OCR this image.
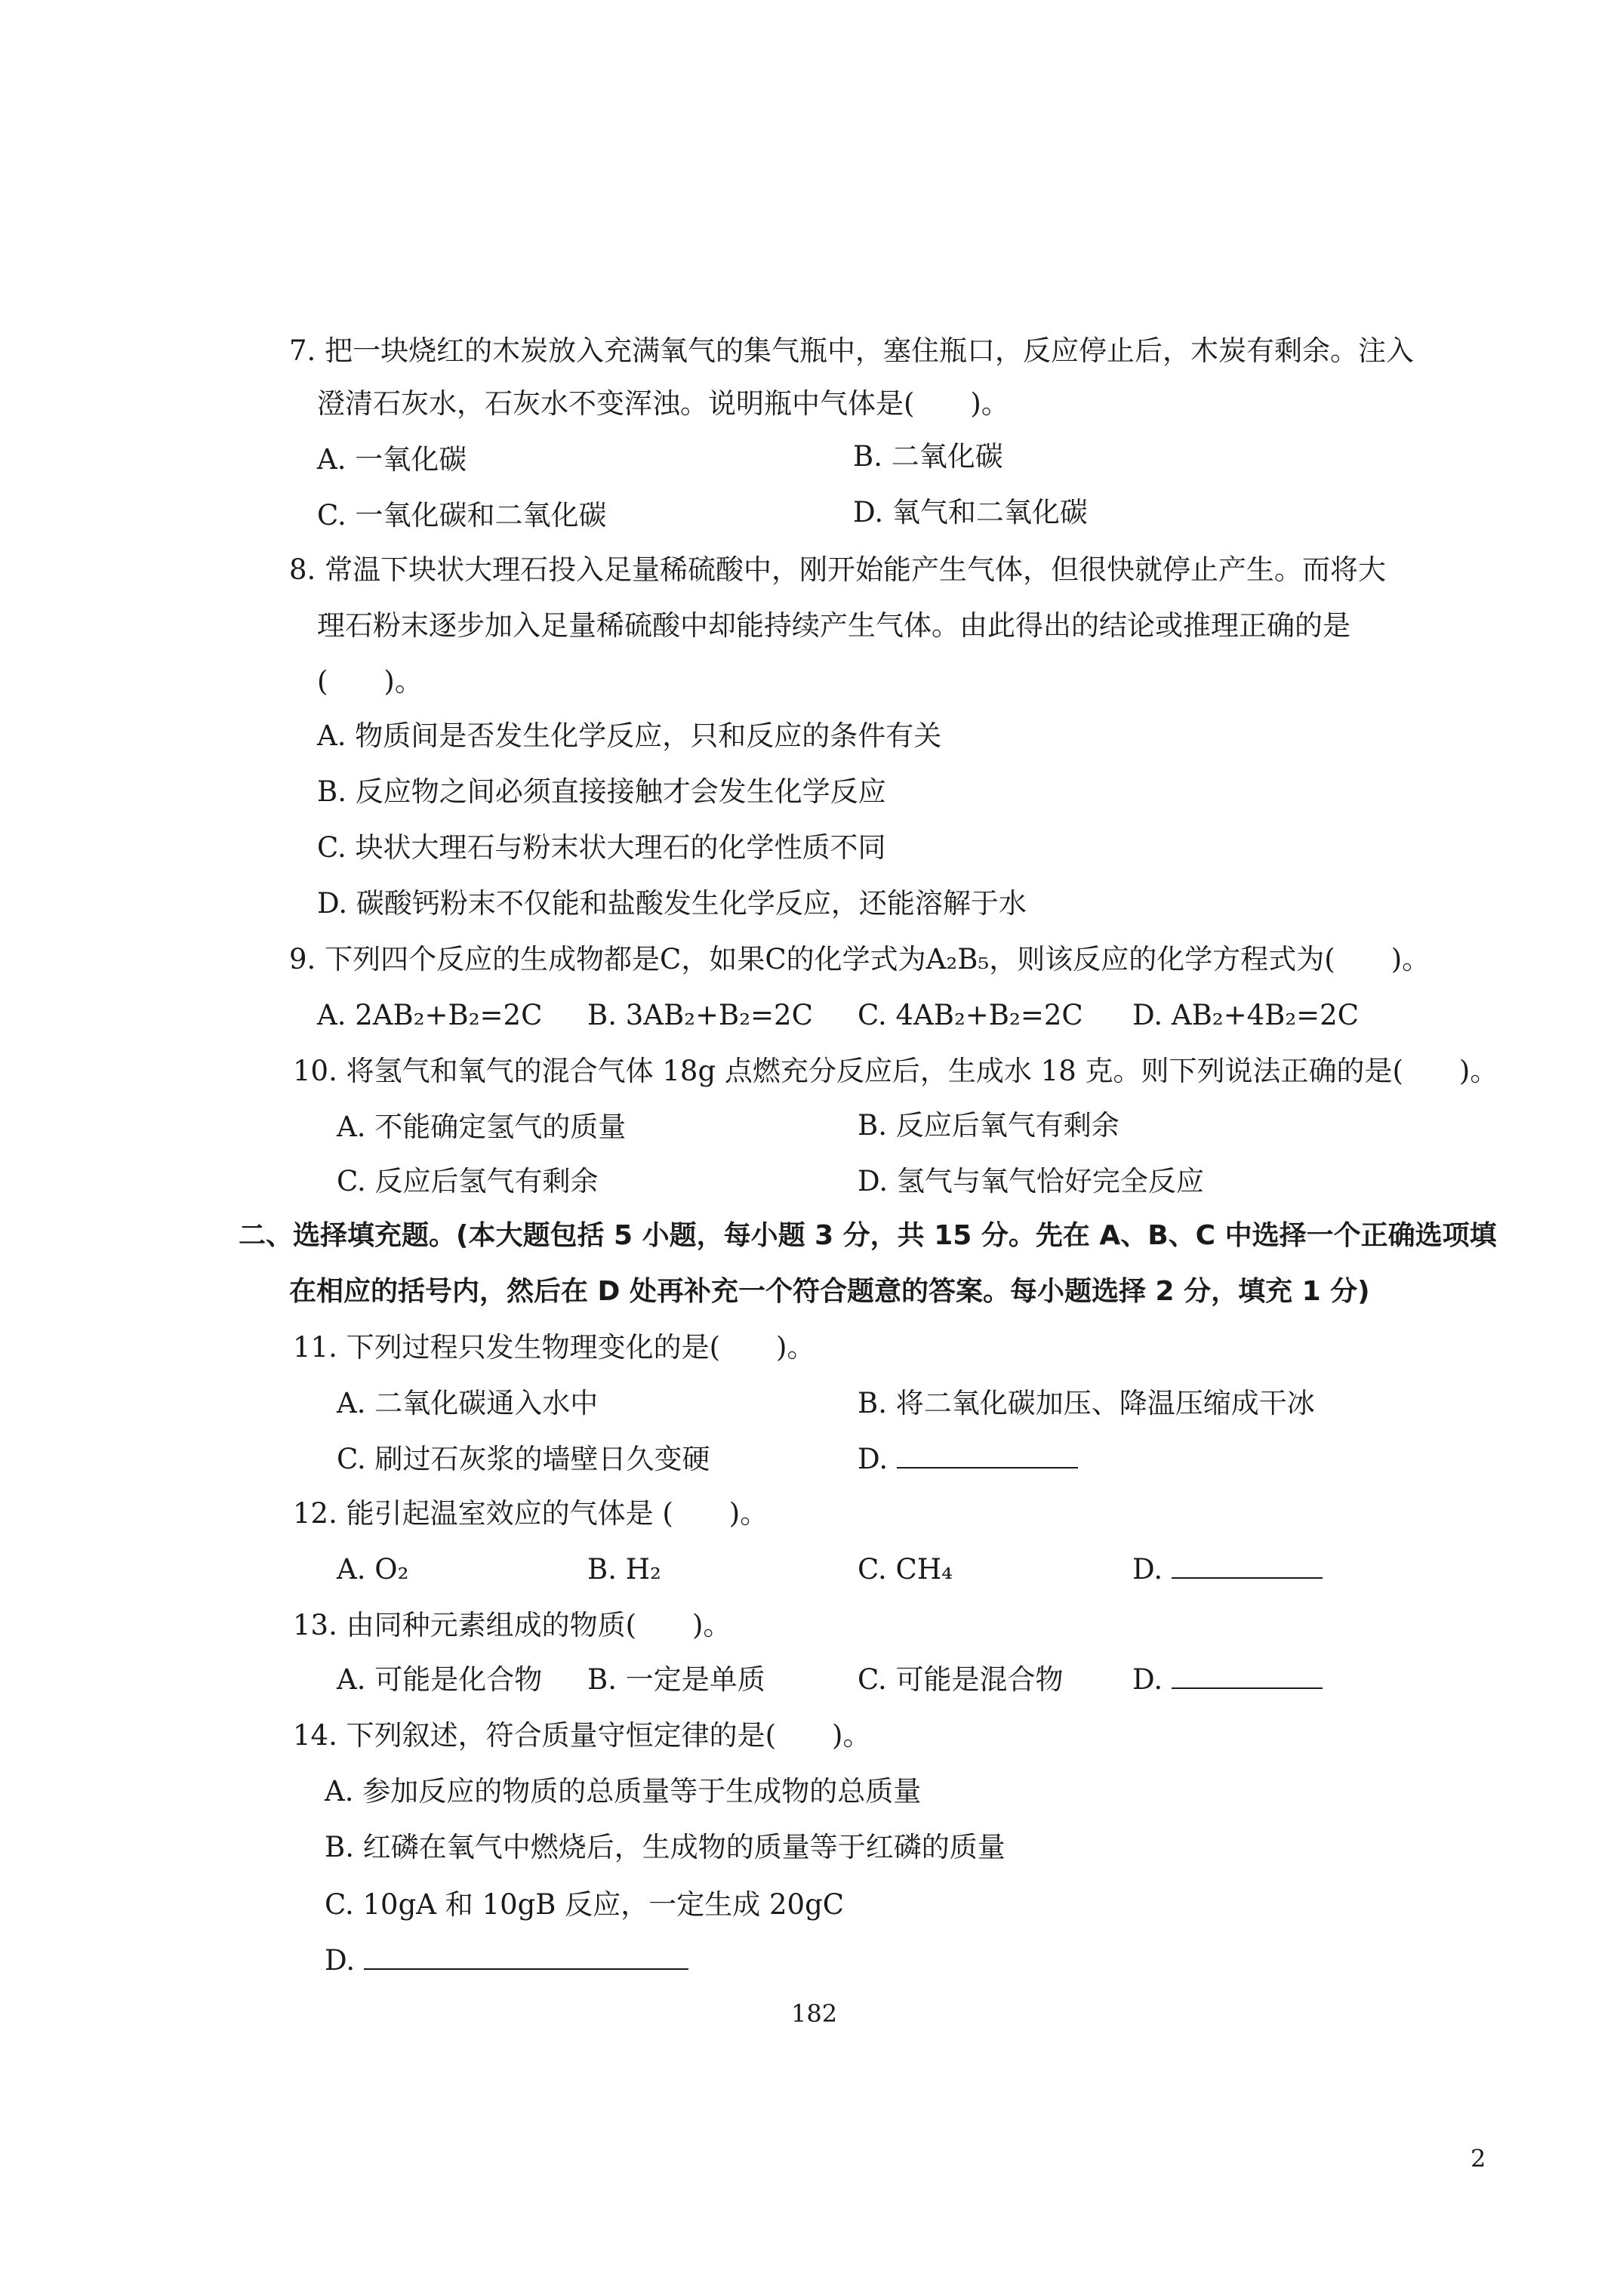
7. 把一块烧红的木炭放入充满氧气的集气瓶中，塞住瓶口，反应停止后，木炭有剩余。注入
澄清石灰水，石灰水不变浑浊。说明瓶中气体是(　　)。
A. 一氧化碳	B. 二氧化碳
C. 一氧化碳和二氧化碳	D. 氧气和二氧化碳
8. 常温下块状大理石投入足量稀硫酸中，刚开始能产生气体，但很快就停止产生。而将大
理石粉末逐步加入足量稀硫酸中却能持续产生气体。由此得出的结论或推理正确的是
(　　)。
A. 物质间是否发生化学反应，只和反应的条件有关
B. 反应物之间必须直接接触才会发生化学反应
C. 块状大理石与粉末状大理石的化学性质不同
D. 碳酸钙粉末不仅能和盐酸发生化学反应，还能溶解于水
9. 下列四个反应的生成物都是C，如果C的化学式为A₂B₅，则该反应的化学方程式为(　　)。
A. 2AB₂+B₂=2C B. 3AB₂+B₂=2C C. 4AB₂+B₂=2C D. AB₂+4B₂=2C
10. 将氢气和氧气的混合气体 18g 点燃充分反应后，生成水 18 克。则下列说法正确的是(　　)。
A. 不能确定氢气的质量	B. 反应后氧气有剩余
C. 反应后氢气有剩余	D. 氢气与氧气恰好完全反应
二、选择填充题。(本大题包括 5 小题，每小题 3 分，共 15 分。先在 A、B、C 中选择一个正确选项填
在相应的括号内，然后在 D 处再补充一个符合题意的答案。每小题选择 2 分，填充 1 分)
11. 下列过程只发生物理变化的是(　　)。
A. 二氧化碳通入水中	B. 将二氧化碳加压、降温压缩成干冰
C. 刷过石灰浆的墙壁日久变硬	D.
12. 能引起温室效应的气体是 (　　)。
A. O₂	B. H₂	C. CH₄	D.
13. 由同种元素组成的物质(　　)。
A. 可能是化合物 B. 一定是单质	C. 可能是混合物 D.
14. 下列叙述，符合质量守恒定律的是(　　)。
A. 参加反应的物质的总质量等于生成物的总质量
B. 红磷在氧气中燃烧后，生成物的质量等于红磷的质量
C. 10gA 和 10gB 反应，一定生成 20gC
D.
182
2
